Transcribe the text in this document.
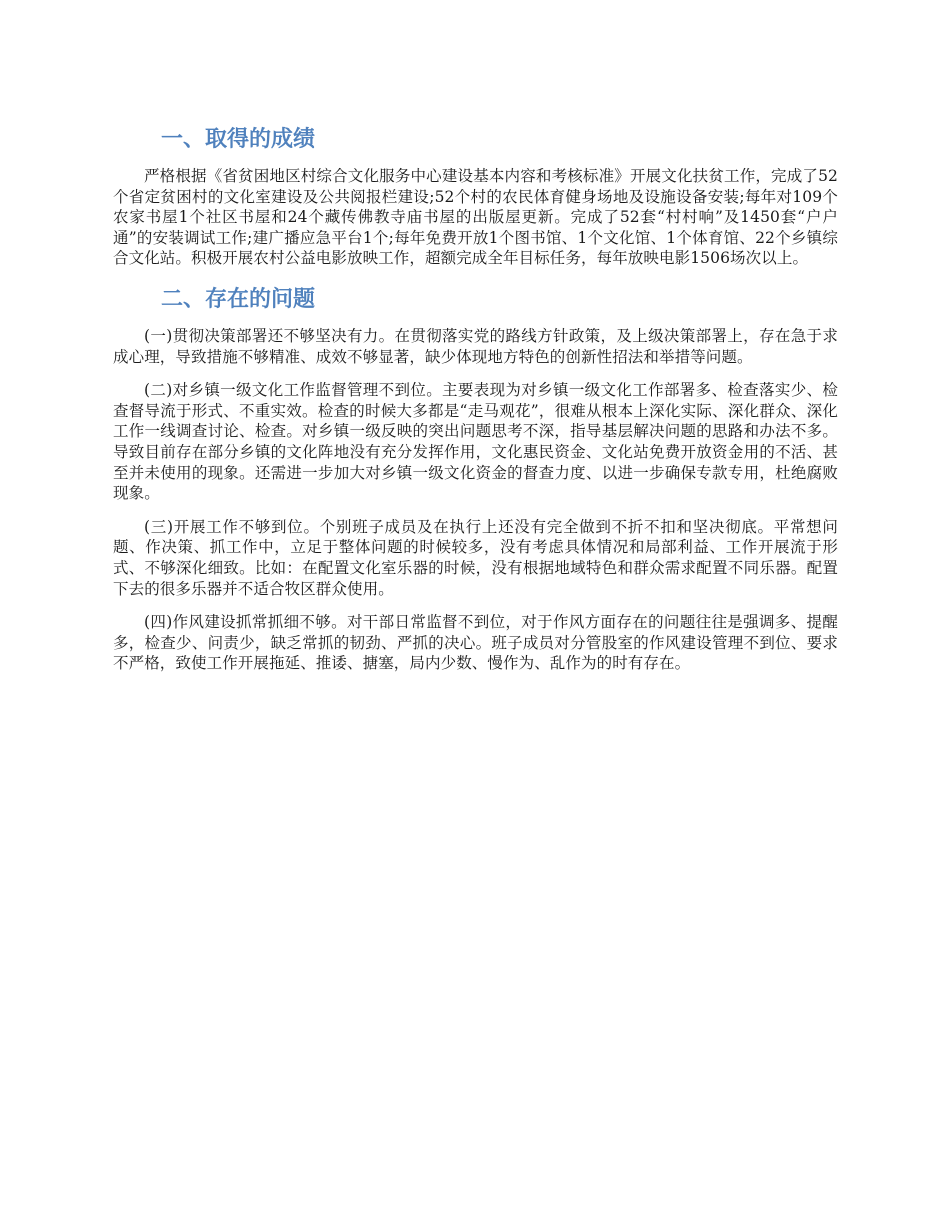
一、取得的成绩

严格根据《省贫困地区村综合文化服务中心建设基本内容和考核标准》开展文化扶贫工作，完成了52个省定贫困村的文化室建设及公共阅报栏建设;52个村的农民体育健身场地及设施设备安装;每年对109个农家书屋1个社区书屋和24个藏传佛教寺庙书屋的出版屋更新。完成了52套“村村响”及1450套“户户通”的安装调试工作;建广播应急平台1个;每年免费开放1个图书馆、1个文化馆、1个体育馆、22个乡镇综合文化站。积极开展农村公益电影放映工作，超额完成全年目标任务，每年放映电影1506场次以上。

二、存在的问题

(一)贯彻决策部署还不够坚决有力。在贯彻落实党的路线方针政策，及上级决策部署上，存在急于求成心理，导致措施不够精准、成效不够显著，缺少体现地方特色的创新性招法和举措等问题。

(二)对乡镇一级文化工作监督管理不到位。主要表现为对乡镇一级文化工作部署多、检查落实少、检查督导流于形式、不重实效。检查的时候大多都是“走马观花”，很难从根本上深化实际、深化群众、深化工作一线调查讨论、检查。对乡镇一级反映的突出问题思考不深，指导基层解决问题的思路和办法不多。导致目前存在部分乡镇的文化阵地没有充分发挥作用，文化惠民资金、文化站免费开放资金用的不活、甚至并未使用的现象。还需进一步加大对乡镇一级文化资金的督查力度、以进一步确保专款专用，杜绝腐败现象。

(三)开展工作不够到位。个别班子成员及在执行上还没有完全做到不折不扣和坚决彻底。平常想问题、作决策、抓工作中，立足于整体问题的时候较多，没有考虑具体情况和局部利益、工作开展流于形式、不够深化细致。比如：在配置文化室乐器的时候，没有根据地域特色和群众需求配置不同乐器。配置下去的很多乐器并不适合牧区群众使用。

(四)作风建设抓常抓细不够。对干部日常监督不到位，对于作风方面存在的问题往往是强调多、提醒多，检查少、问责少，缺乏常抓的韧劲、严抓的决心。班子成员对分管股室的作风建设管理不到位、要求不严格，致使工作开展拖延、推诿、搪塞，局内少数、慢作为、乱作为的时有存在。
